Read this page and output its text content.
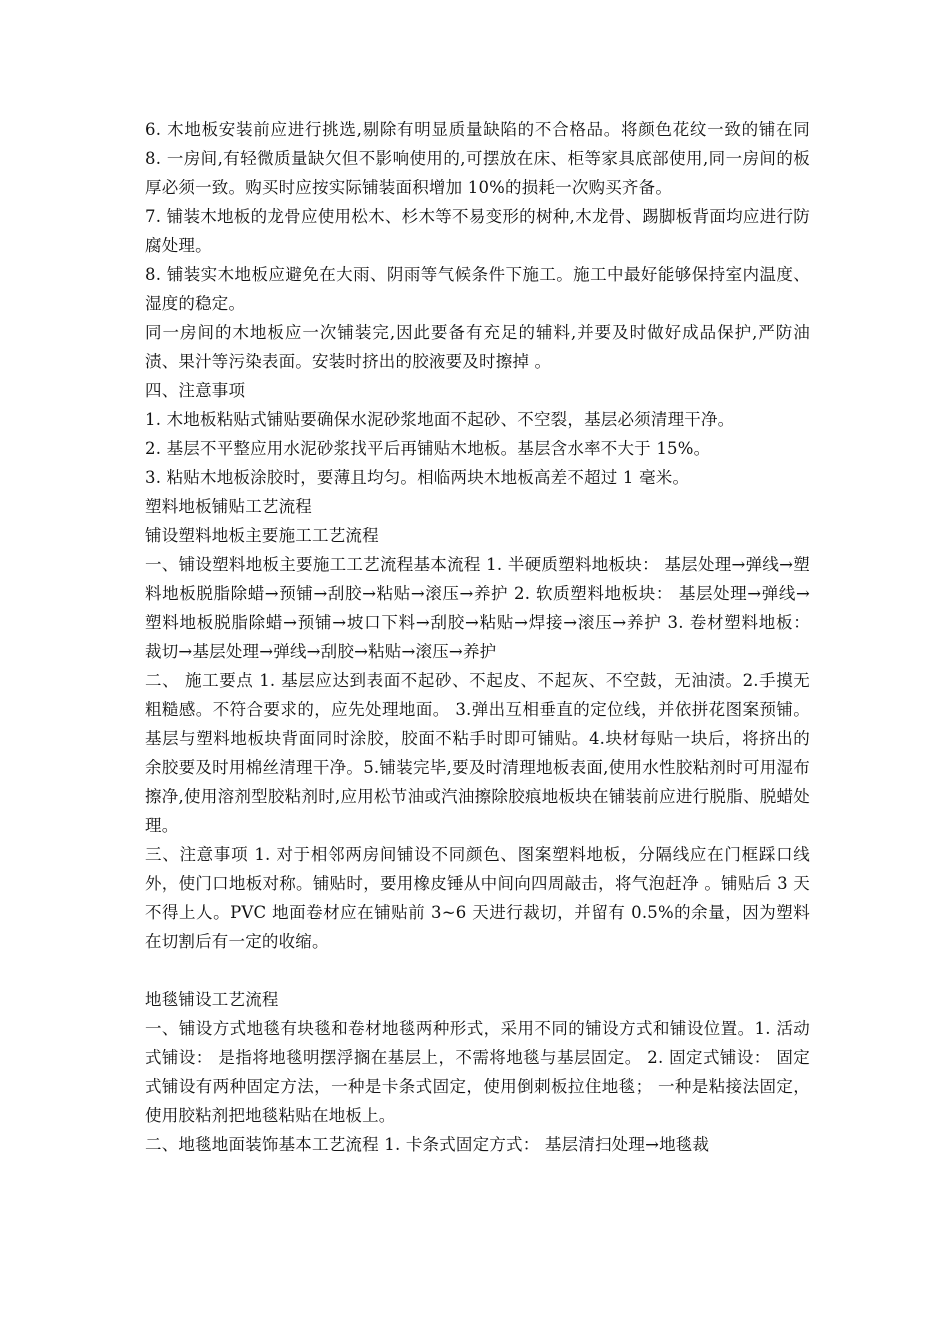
6. 木地板安装前应进行挑选,剔除有明显质量缺陷的不合格品。将颜色花纹一致的铺在同 8. 一房间,有轻微质量缺欠但不影响使用的,可摆放在床、柜等家具底部使用,同一房间的板厚必须一致。购买时应按实际铺装面积增加 10%的损耗一次购买齐备。

7. 铺装木地板的龙骨应使用松木、杉木等不易变形的树种,木龙骨、踢脚板背面均应进行防腐处理。

8. 铺装实木地板应避免在大雨、阴雨等气候条件下施工。施工中最好能够保持室内温度、湿度的稳定。

同一房间的木地板应一次铺装完,因此要备有充足的辅料,并要及时做好成品保护,严防油渍、果汁等污染表面。安装时挤出的胶液要及时擦掉 。

四、注意事项

1. 木地板粘贴式铺贴要确保水泥砂浆地面不起砂、不空裂，基层必须清理干净。

2. 基层不平整应用水泥砂浆找平后再铺贴木地板。基层含水率不大于 15%。

3. 粘贴木地板涂胶时，要薄且均匀。相临两块木地板高差不超过 1 毫米。

塑料地板铺贴工艺流程

铺设塑料地板主要施工工艺流程

一、铺设塑料地板主要施工工艺流程基本流程 1. 半硬质塑料地板块： 基层处理→弹线→塑料地板脱脂除蜡→预铺→刮胶→粘贴→滚压→养护 2. 软质塑料地板块： 基层处理→弹线→塑料地板脱脂除蜡→预铺→坡口下料→刮胶→粘贴→焊接→滚压→养护 3. 卷材塑料地板： 裁切→基层处理→弹线→刮胶→粘贴→滚压→养护

二、 施工要点 1. 基层应达到表面不起砂、不起皮、不起灰、不空鼓，无油渍。2.手摸无粗糙感。不符合要求的，应先处理地面。 3.弹出互相垂直的定位线，并依拼花图案预铺。 基层与塑料地板块背面同时涂胶，胶面不粘手时即可铺贴。4.块材每贴一块后，将挤出的余胶要及时用棉丝清理干净。5.铺装完毕,要及时清理地板表面,使用水性胶粘剂时可用湿布擦净,使用溶剂型胶粘剂时,应用松节油或汽油擦除胶痕地板块在铺装前应进行脱脂、脱蜡处理。

三、注意事项 1. 对于相邻两房间铺设不同颜色、图案塑料地板，分隔线应在门框踩口线外，使门口地板对称。铺贴时，要用橡皮锤从中间向四周敲击，将气泡赶净 。铺贴后 3 天不得上人。PVC 地面卷材应在铺贴前 3~6 天进行裁切，并留有 0.5%的余量，因为塑料在切割后有一定的收缩。

地毯铺设工艺流程

一、铺设方式地毯有块毯和卷材地毯两种形式，采用不同的铺设方式和铺设位置。1. 活动式铺设： 是指将地毯明摆浮搁在基层上，不需将地毯与基层固定。 2. 固定式铺设： 固定式铺设有两种固定方法，一种是卡条式固定，使用倒刺板拉住地毯； 一种是粘接法固定，使用胶粘剂把地毯粘贴在地板上。

二、地毯地面装饰基本工艺流程 1. 卡条式固定方式： 基层清扫处理→地毯裁
